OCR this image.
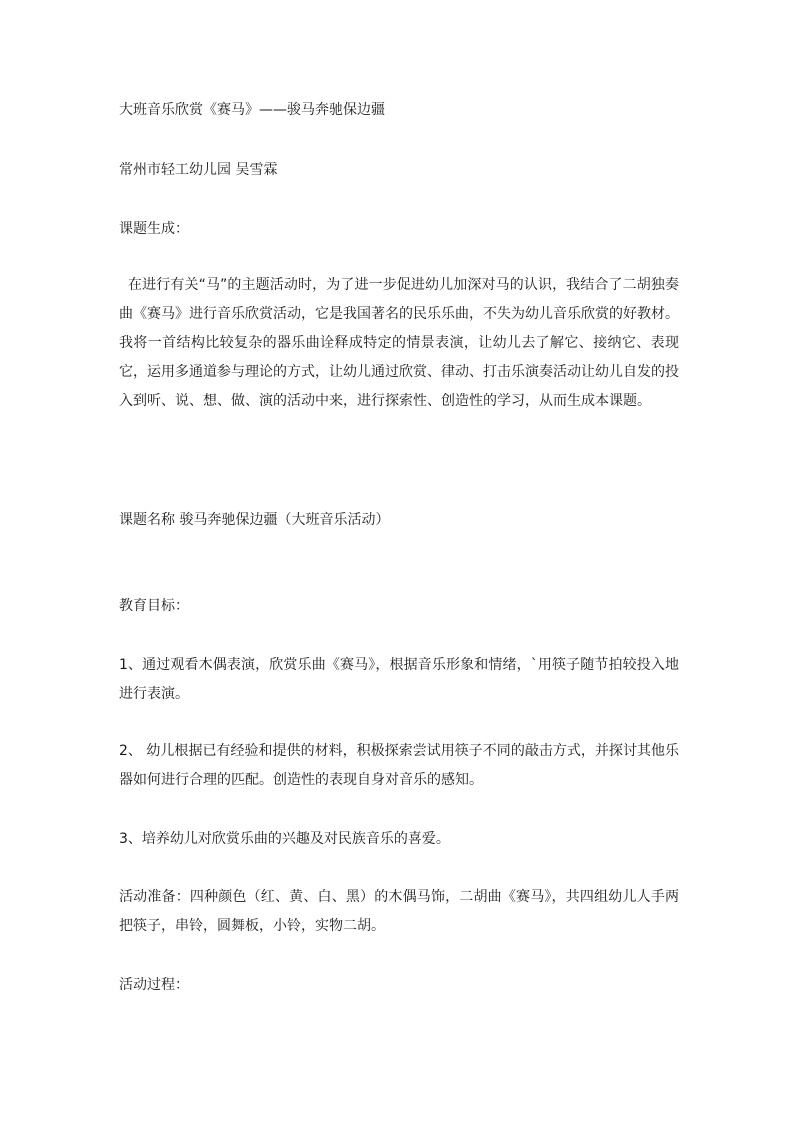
大班音乐欣赏《赛马》——骏马奔驰保边疆

常州市轻工幼儿园 吴雪霖

课题生成：

在进行有关“马”的主题活动时，为了进一步促进幼儿加深对马的认识，我结合了二胡独奏曲《赛马》进行音乐欣赏活动，它是我国著名的民乐乐曲，不失为幼儿音乐欣赏的好教材。我将一首结构比较复杂的器乐曲诠释成特定的情景表演，让幼儿去了解它、接纳它、表现它，运用多通道参与理论的方式，让幼儿通过欣赏、律动、打击乐演奏活动让幼儿自发的投入到听、说、想、做、演的活动中来，进行探索性、创造性的学习，从而生成本课题。

课题名称 骏马奔驰保边疆（大班音乐活动）

教育目标：

1、通过观看木偶表演，欣赏乐曲《赛马》，根据音乐形象和情绪，`用筷子随节拍较投入地进行表演。

2、 幼儿根据已有经验和提供的材料，积极探索尝试用筷子不同的敲击方式，并探讨其他乐器如何进行合理的匹配。创造性的表现自身对音乐的感知。

3、培养幼儿对欣赏乐曲的兴趣及对民族音乐的喜爱。

活动准备：四种颜色（红、黄、白、黑）的木偶马饰，二胡曲《赛马》，共四组幼儿人手两把筷子，串铃，圆舞板，小铃，实物二胡。

活动过程：
